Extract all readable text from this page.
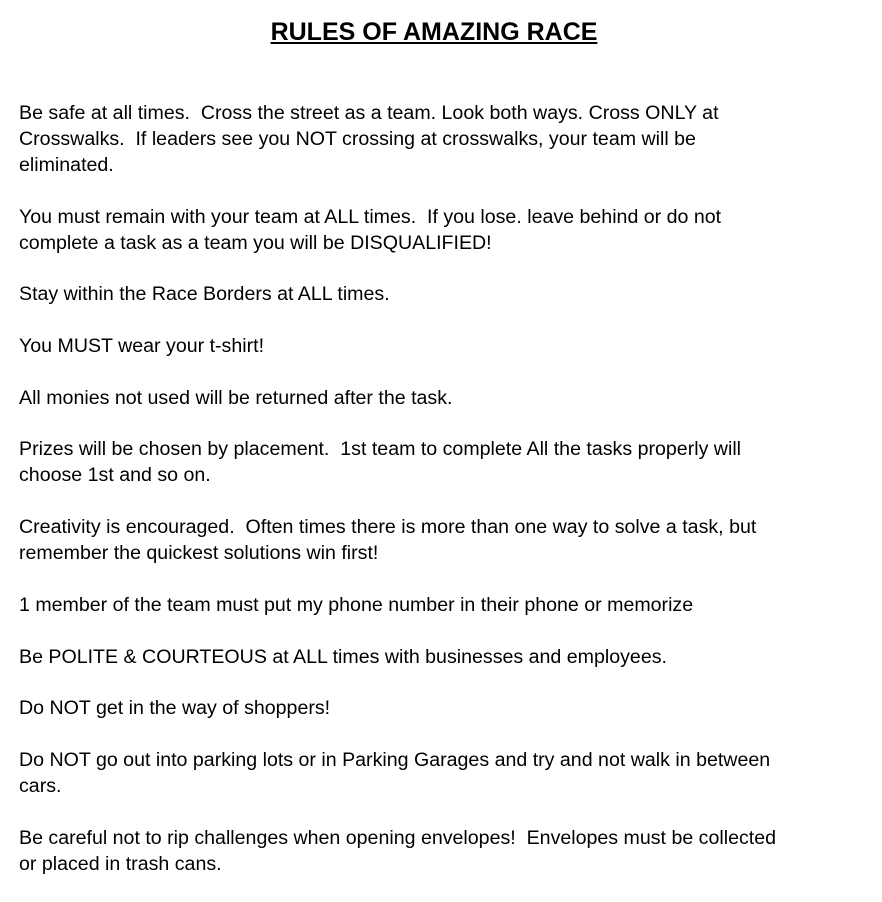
RULES OF AMAZING RACE

Be safe at all times.  Cross the street as a team. Look both ways. Cross ONLY at
Crosswalks.  If leaders see you NOT crossing at crosswalks, your team will be
eliminated.

You must remain with your team at ALL times.  If you lose. leave behind or do not
complete a task as a team you will be DISQUALIFIED!

Stay within the Race Borders at ALL times.

You MUST wear your t-shirt!

All monies not used will be returned after the task.

Prizes will be chosen by placement.  1st team to complete All the tasks properly will
choose 1st and so on.

Creativity is encouraged.  Often times there is more than one way to solve a task, but
remember the quickest solutions win first!

1 member of the team must put my phone number in their phone or memorize

Be POLITE & COURTEOUS at ALL times with businesses and employees.

Do NOT get in the way of shoppers!

Do NOT go out into parking lots or in Parking Garages and try and not walk in between
cars.

Be careful not to rip challenges when opening envelopes!  Envelopes must be collected
or placed in trash cans.
